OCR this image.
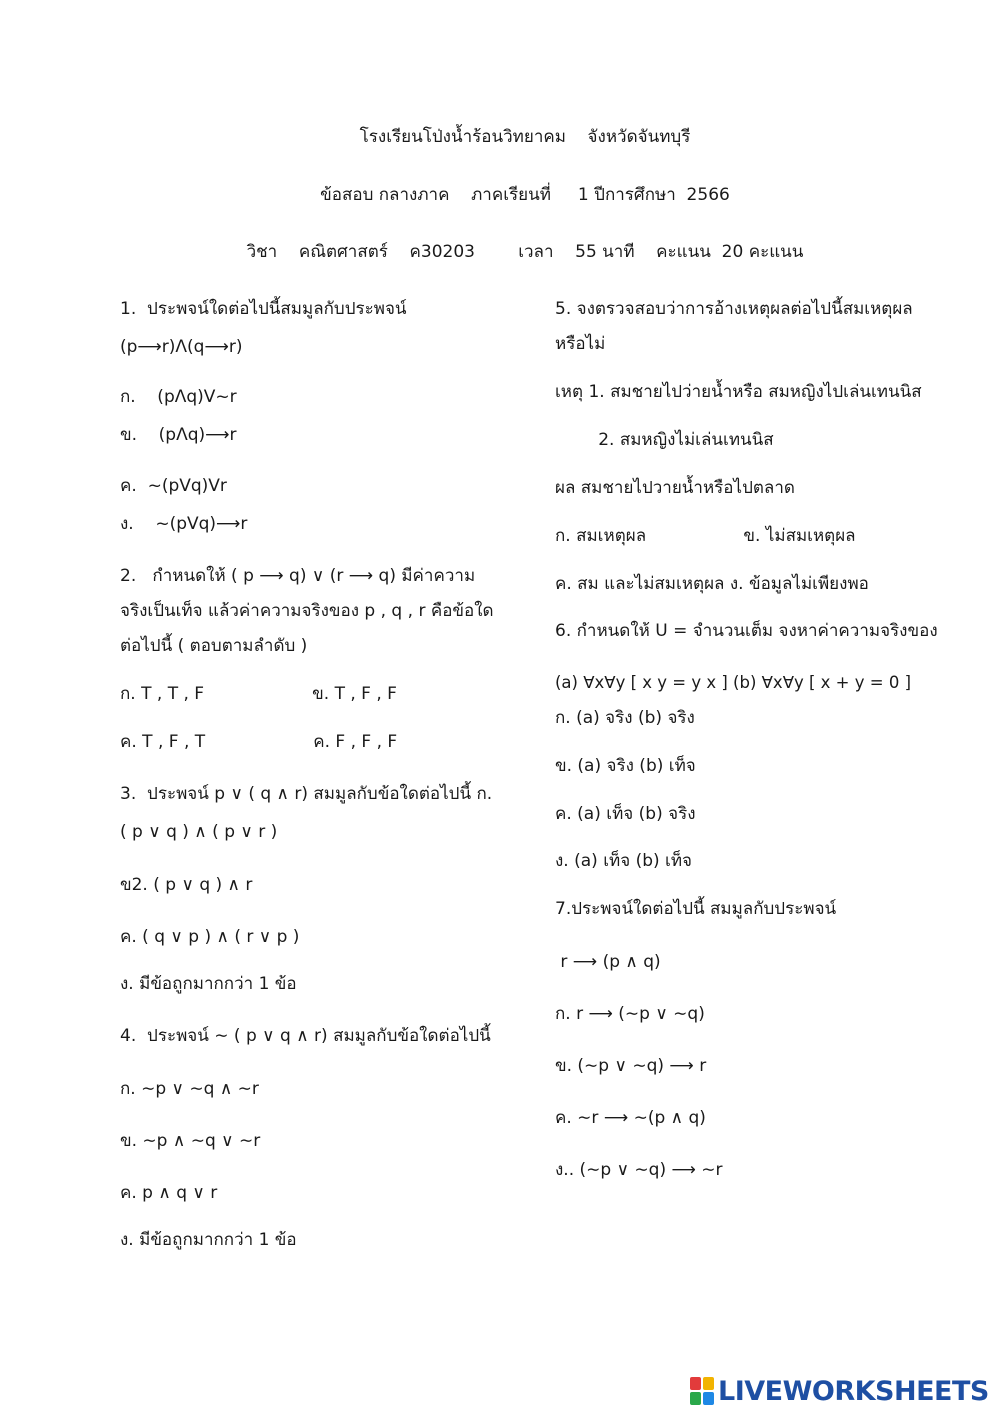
โรงเรียนโป่งน้ำร้อนวิทยาคม    จังหวัดจันทบุรี
ข้อสอบ กลางภาค    ภาคเรียนที่     1 ปีการศึกษา  2566
วิชา    คณิตศาสตร์    ค30203        เวลา    55 นาที    คะแนน  20 คะแนน
1.  ประพจน์ใดต่อไปนี้สมมูลกับประพจน์
(p⟶r)Λ(q⟶r)
ก.    (pΛq)V~r
ข.    (pΛq)⟶r
ค.  ~(pVq)Vr
ง.    ~(pVq)⟶r
2.   กำหนดให้ ( p ⟶ q) ∨ (r ⟶ q) มีค่าความ
จริงเป็นเท็จ แล้วค่าความจริงของ p , q , r คือข้อใด
ต่อไปนี้ ( ตอบตามลำดับ )
ก. T , T , F                    ข. T , F , F
ค. T , F , T                    ค. F , F , F
3.  ประพจน์ p ∨ ( q ∧ r) สมมูลกับข้อใดต่อไปนี้ ก.
( p ∨ q ) ∧ ( p ∨ r )
ข2. ( p ∨ q ) ∧ r
ค. ( q ∨ p ) ∧ ( r ∨ p )
ง. มีข้อถูกมากกว่า 1 ข้อ
4.  ประพจน์ ∼ ( p ∨ q ∧ r) สมมูลกับข้อใดต่อไปนี้
ก. ∼p ∨ ∼q ∧ ∼r
ข. ∼p ∧ ∼q ∨ ∼r
ค. p ∧ q ∨ r
ง. มีข้อถูกมากกว่า 1 ข้อ
5. จงตรวจสอบว่าการอ้างเหตุผลต่อไปนี้สมเหตุผล
หรือไม่
เหตุ 1. สมชายไปว่ายน้ำหรือ สมหญิงไปเล่นเทนนิส
2. สมหญิงไม่เล่นเทนนิส
ผล สมชายไปวายน้ำหรือไปตลาด
ก. สมเหตุผล                  ข. ไม่สมเหตุผล
ค. สม และไม่สมเหตุผล ง. ข้อมูลไม่เพียงพอ
6. กำหนดให้ U = จำนวนเต็ม จงหาค่าความจริงของ
(a) ∀x∀y [ x y = y x ] (b) ∀x∀y [ x + y = 0 ]
ก. (a) จริง (b) จริง
ข. (a) จริง (b) เท็จ
ค. (a) เท็จ (b) จริง
ง. (a) เท็จ (b) เท็จ
7.ประพจน์ใดต่อไปนี้ สมมูลกับประพจน์
r ⟶ (p ∧ q)
ก. r ⟶ (∼p ∨ ∼q)
ข. (∼p ∨ ∼q) ⟶ r
ค. ∼r ⟶ ∼(p ∧ q)
ง.. (∼p ∨ ∼q) ⟶ ∼r
LIVEWORKSHEETS
